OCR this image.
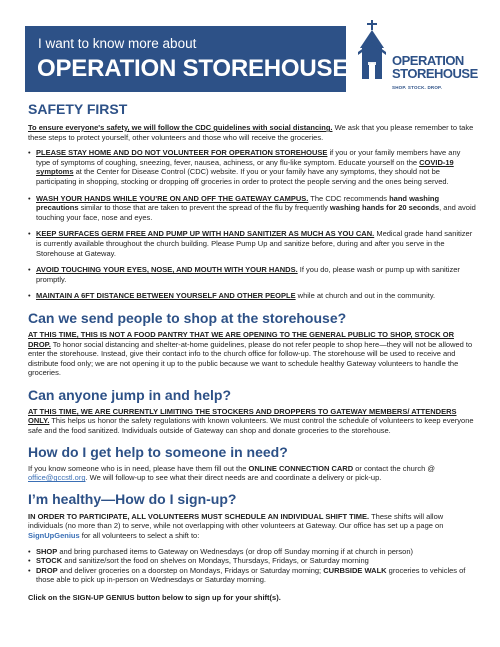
I want to know more about
OPERATION STOREHOUSE	OPERATION
STOREHOUSE
SHOP. STOCK. DROP.
SAFETY FIRST

To ensure everyone's safety, we will follow the CDC guidelines with social distancing. We ask that you please remember to take these steps to protect yourself, other volunteers and those who will receive the groceries.

• PLEASE STAY HOME AND DO NOT VOLUNTEER FOR OPERATION STOREHOUSE if you or your family members have any type of symptoms of coughing, sneezing, fever, nausea, achiness, or any flu-like symptom. Educate yourself on the COVID-19 symptoms at the Center for Disease Control (CDC) website. If you or your family have any symptoms, they should not be participating in shopping, stocking or dropping off groceries in order to protect the people serving and the ones being served.
• WASH YOUR HANDS WHILE YOU'RE ON AND OFF THE GATEWAY CAMPUS. The CDC recommends hand washing precautions similar to those that are taken to prevent the spread of the flu by frequently washing hands for 20 seconds, and avoid touching your face, nose and eyes.
• KEEP SURFACES GERM FREE AND PUMP UP WITH HAND SANITIZER AS MUCH AS YOU CAN. Medical grade hand sanitizer is currently available throughout the church building. Please Pump Up and sanitize before, during and after you serve in the Storehouse at Gateway.
• AVOID TOUCHING YOUR EYES, NOSE, AND MOUTH WITH YOUR HANDS. If you do, please wash or pump up with sanitizer promptly.
• MAINTAIN A 6FT DISTANCE BETWEEN YOURSELF AND OTHER PEOPLE while at church and out in the community.
Can we send people to shop at the storehouse?

AT THIS TIME, THIS IS NOT A FOOD PANTRY THAT WE ARE OPENING TO THE GENERAL PUBLIC TO SHOP, STOCK OR DROP. To honor social distancing and shelter-at-home guidelines, please do not refer people to shop here—they will not be allowed to enter the storehouse. Instead, give their contact info to the church office for follow-up. The storehouse will be used to receive and distribute food only; we are not opening it up to the public because we want to schedule healthy Gateway volunteers to handle the groceries.

Can anyone jump in and help?

AT THIS TIME, WE ARE CURRENTLY LIMITING THE STOCKERS AND DROPPERS TO GATEWAY MEMBERS/ ATTENDERS ONLY. This helps us honor the safety regulations with known volunteers. We must control the schedule of volunteers to keep everyone safe and the food sanitized. Individuals outside of Gateway can shop and donate groceries to the storehouse.

How do I get help to someone in need?

If you know someone who is in need, please have them fill out the ONLINE CONNECTION CARD or contact the church @ office@gccstl.org. We will follow-up to see what their direct needs are and coordinate a delivery or pick-up.

I’m healthy—How do I sign-up?

IN ORDER TO PARTICIPATE, ALL VOLUNTEERS MUST SCHEDULE AN INDIVIDUAL SHIFT TIME. These shifts will allow individuals (no more than 2) to serve, while not overlapping with other volunteers at Gateway. Our office has set up a page on SignUpGenius for all volunteers to select a shift to:

• SHOP and bring purchased items to Gateway on Wednesdays (or drop off Sunday morning if at church in person)
• STOCK and sanitize/sort the food on shelves on Mondays, Thursdays, Fridays, or Saturday morning
• DROP and deliver groceries on a doorstep on Mondays, Fridays or Saturday morning; CURBSIDE WALK groceries to vehicles of those able to pick up in-person on Wednesdays or Saturday morning.

Click on the SIGN-UP GENIUS button below to sign up for your shift(s).
